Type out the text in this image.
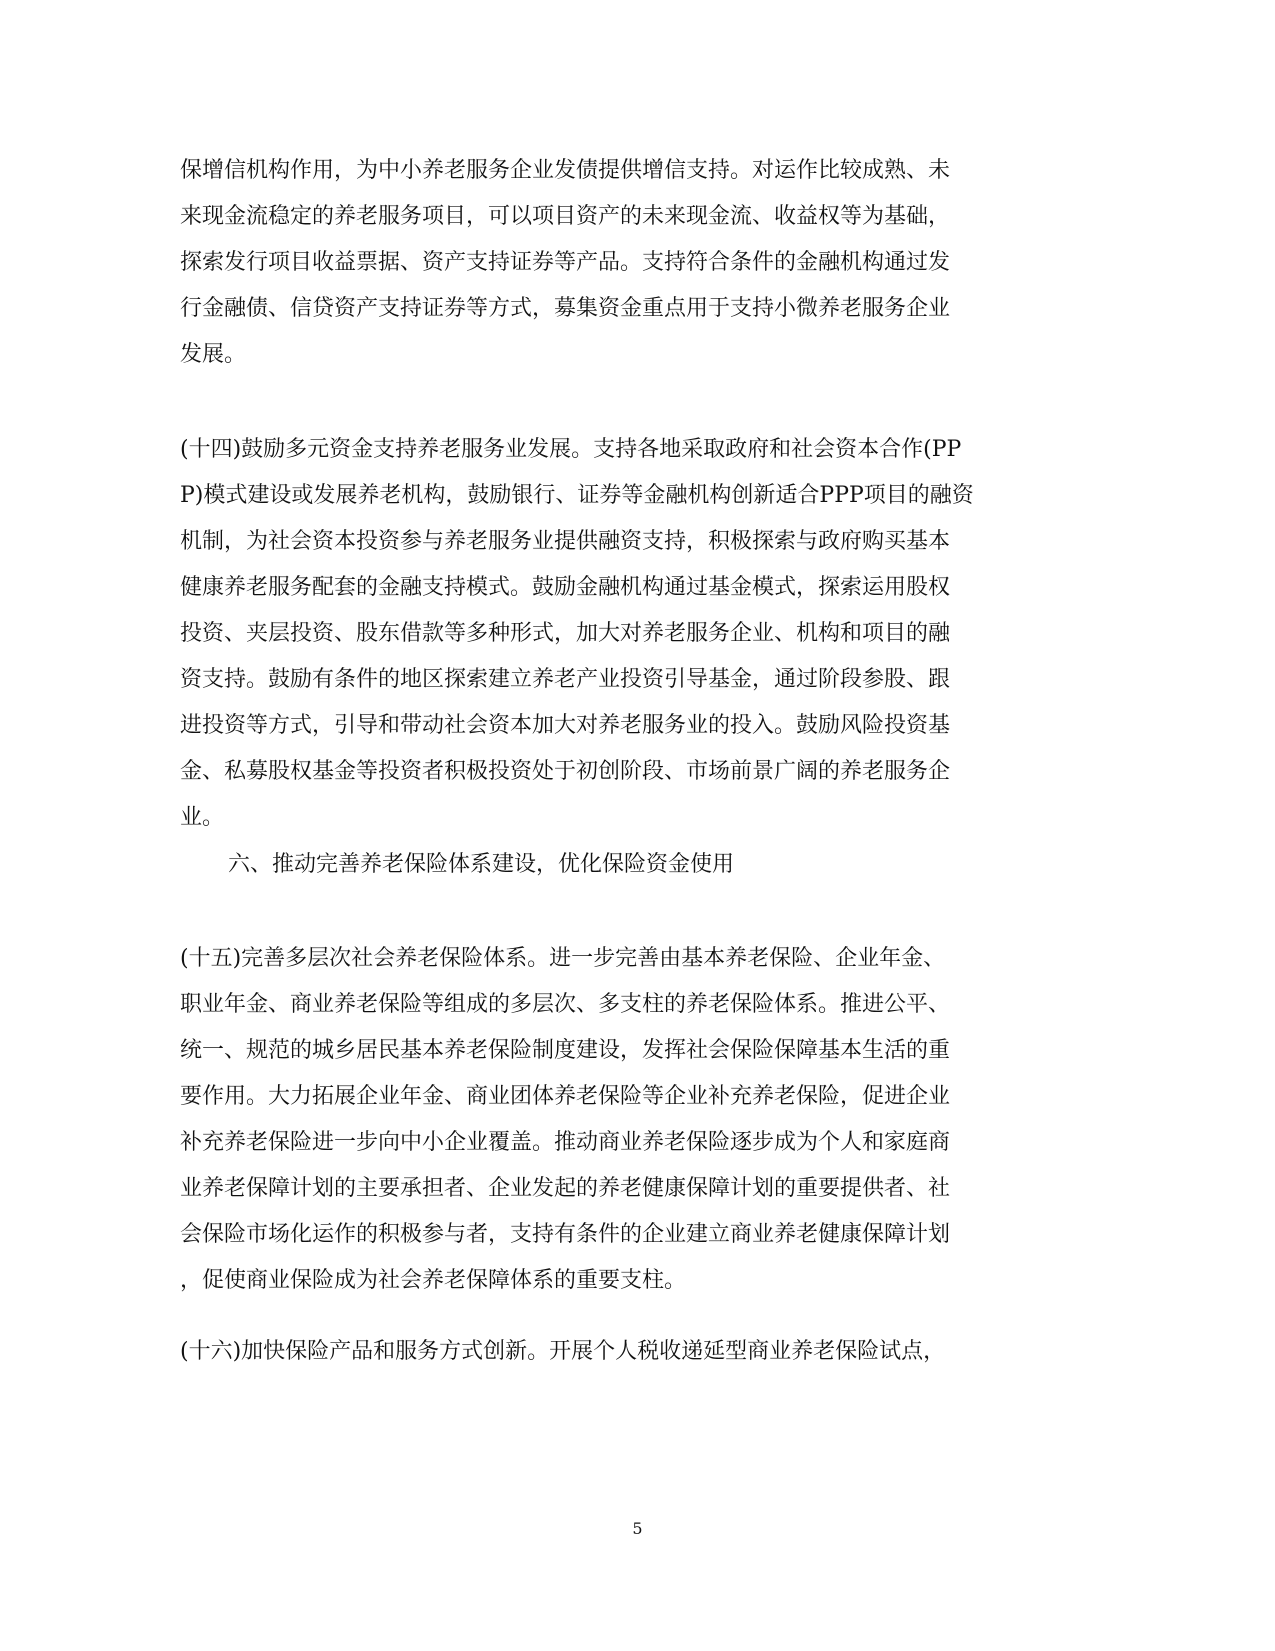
保增信机构作用，为中小养老服务企业发债提供增信支持。对运作比较成熟、未
来现金流稳定的养老服务项目，可以项目资产的未来现金流、收益权等为基础，
探索发行项目收益票据、资产支持证券等产品。支持符合条件的金融机构通过发
行金融债、信贷资产支持证券等方式，募集资金重点用于支持小微养老服务企业
发展。
(十四)鼓励多元资金支持养老服务业发展。支持各地采取政府和社会资本合作(PP
P)模式建设或发展养老机构，鼓励银行、证券等金融机构创新适合PPP项目的融资
机制，为社会资本投资参与养老服务业提供融资支持，积极探索与政府购买基本
健康养老服务配套的金融支持模式。鼓励金融机构通过基金模式，探索运用股权
投资、夹层投资、股东借款等多种形式，加大对养老服务企业、机构和项目的融
资支持。鼓励有条件的地区探索建立养老产业投资引导基金，通过阶段参股、跟
进投资等方式，引导和带动社会资本加大对养老服务业的投入。鼓励风险投资基
金、私募股权基金等投资者积极投资处于初创阶段、市场前景广阔的养老服务企
业。
六、推动完善养老保险体系建设，优化保险资金使用
(十五)完善多层次社会养老保险体系。进一步完善由基本养老保险、企业年金、
职业年金、商业养老保险等组成的多层次、多支柱的养老保险体系。推进公平、
统一、规范的城乡居民基本养老保险制度建设，发挥社会保险保障基本生活的重
要作用。大力拓展企业年金、商业团体养老保险等企业补充养老保险，促进企业
补充养老保险进一步向中小企业覆盖。推动商业养老保险逐步成为个人和家庭商
业养老保障计划的主要承担者、企业发起的养老健康保障计划的重要提供者、社
会保险市场化运作的积极参与者，支持有条件的企业建立商业养老健康保障计划
，促使商业保险成为社会养老保障体系的重要支柱。
(十六)加快保险产品和服务方式创新。开展个人税收递延型商业养老保险试点，
5
